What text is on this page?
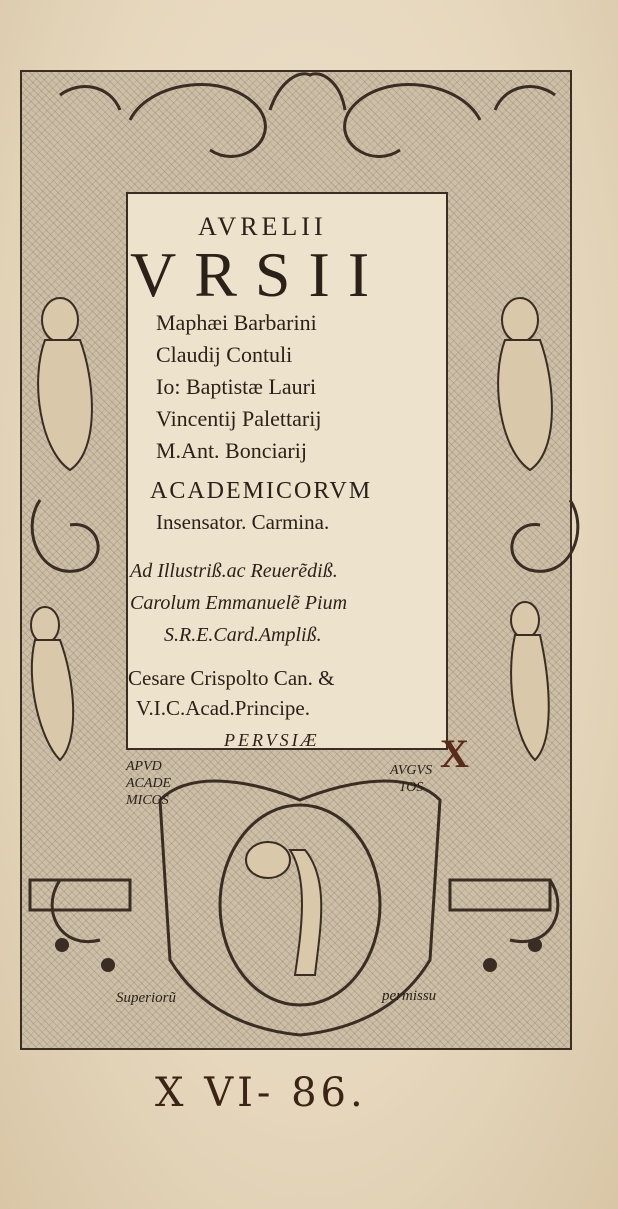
AVRELII
VRSII
Maphæi Barbarini
Claudij Contuli
Io: Baptistæ Lauri
Vincentij Palettarij
M.Ant. Bonciarij
ACADEMICORVM
Insensator. Carmina.
Ad Illustriß.ac Reuerẽdiß.
Carolum Emmanuelẽ Pium
S.R.E.Card.Ampliß.
Cesare Crispolto Can. &
V.I.C.Acad.Principe.
PERVSIÆ
APVD
ACADE
MICOS
AVGVS
TOS
X
Superiorũ	permissu
X VI- 86.
